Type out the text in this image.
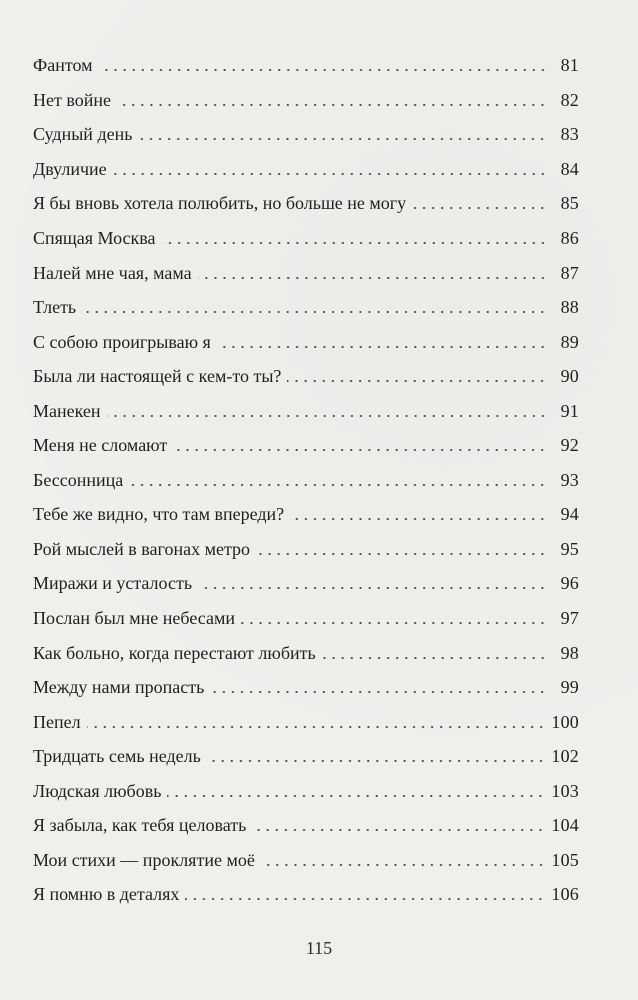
Фантом	81
Нет войне	82
Судный день	83
Двуличие	84
Я бы вновь хотела полюбить, но больше не могу	85
Спящая Москва	86
Налей мне чая, мама	87
Тлеть	88
С собою проигрываю я	89
Была ли настоящей с кем-то ты?	90
Манекен	91
Меня не сломают	92
Бессонница	93
Тебе же видно, что там впереди?	94
Рой мыслей в вагонах метро	95
Миражи и усталость	96
Послан был мне небесами	97
Как больно, когда перестают любить	98
Между нами пропасть	99
Пепел	100
Тридцать семь недель	102
Людская любовь	103
Я забыла, как тебя целовать	104
Мои стихи — проклятие моё	105
Я помню в деталях	106
115
